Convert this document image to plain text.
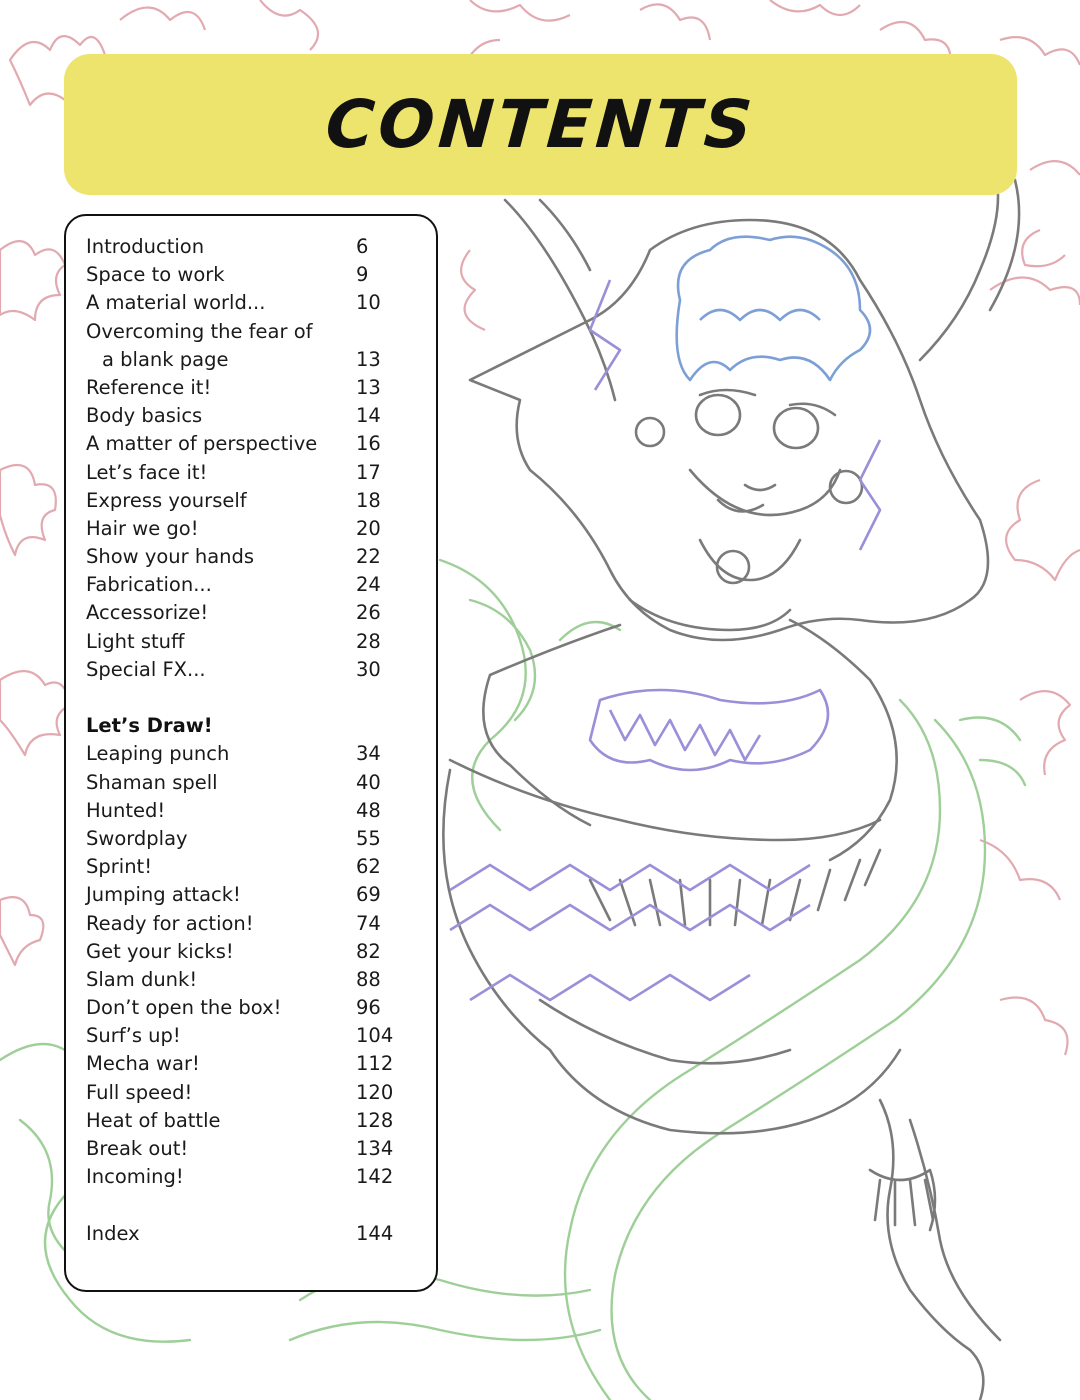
CONTENTS
Introduction	6
Space to work	9
A material world...	10
Overcoming the fear of
a blank page	13
Reference it!	13
Body basics	14
A matter of perspective 16
Let’s face it!	17
Express yourself	18
Hair we go!	20
Show your hands	22
Fabrication...	24
Accessorize!	26
Light stuff	28
Special FX...	30
Let’s Draw!
Leaping punch	34
Shaman spell	40
Hunted!	48
Swordplay	55
Sprint!	62
Jumping attack!	69
Ready for action!	74
Get your kicks!	82
Slam dunk!	88
Don’t open the box!	96
Surf’s up!	104
Mecha war!	112
Full speed!	120
Heat of battle	128
Break out!	134
Incoming!	142
Index	144
